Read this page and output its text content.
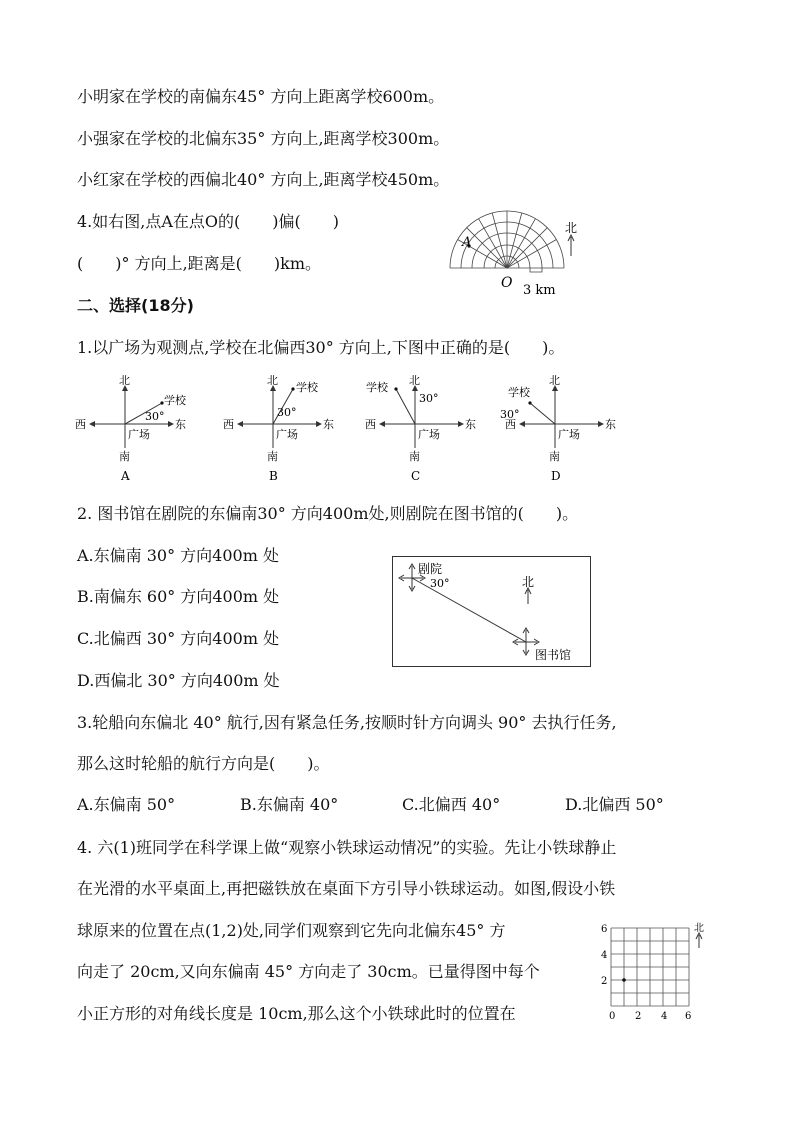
小明家在学校的南偏东45° 方向上距离学校600m。
小强家在学校的北偏东35° 方向上,距离学校300m。
小红家在学校的西偏北40° 方向上,距离学校450m。
4.如右图,点A在点O的(　　)偏(　　)
(　　)° 方向上,距离是(　　)km。
A
O 3 km
北
二、选择(18分)
1.以广场为观测点,学校在北偏西30° 方向上,下图中正确的是(　　)。
北
南
东
西
学校
广场
30°
A
北
南
东
西
学校
广场
30°
B
北
南
东
西
学校
广场
30°
C
北
南
东
西
学校
广场
30°
D
2. 图书馆在剧院的东偏南30° 方向400m处,则剧院在图书馆的(　　)。
A.东偏南 30° 方向400m 处
B.南偏东 60° 方向400m 处
C.北偏西 30° 方向400m 处
D.西偏北 30° 方向400m 处
剧院
30°	北
图书馆
3.轮船向东偏北 40° 航行,因有紧急任务,按顺时针方向调头 90° 去执行任务,
那么这时轮船的航行方向是(　　)。
A.东偏南 50°	B.东偏南 40°	C.北偏西 40°	D.北偏西 50°
4. 六(1)班同学在科学课上做“观察小铁球运动情况”的实验。先让小铁球静止
在光滑的水平桌面上,再把磁铁放在桌面下方引导小铁球运动。如图,假设小铁
球原来的位置在点(1,2)处,同学们观察到它先向北偏东45° 方
向走了 20cm,又向东偏南 45° 方向走了 30cm。已量得图中每个
小正方形的对角线长度是 10cm,那么这个小铁球此时的位置在
6
4
2
0 2 4 6
北
